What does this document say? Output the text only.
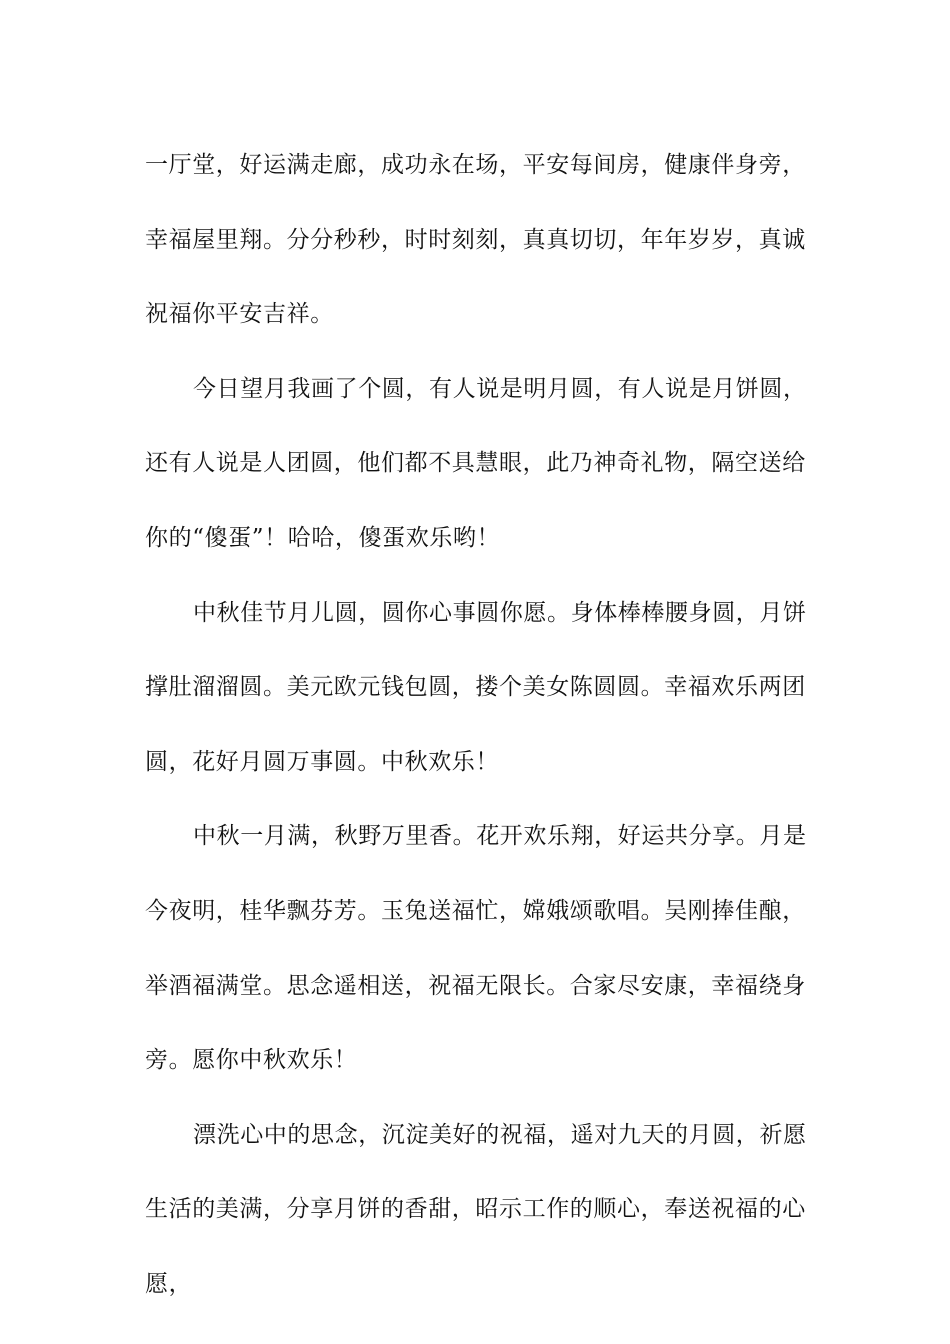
一厅堂，好运满走廊，成功永在场，平安每间房，健康伴身旁，幸福屋里翔。分分秒秒，时时刻刻，真真切切，年年岁岁，真诚祝福你平安吉祥。

今日望月我画了个圆，有人说是明月圆，有人说是月饼圆，还有人说是人团圆，他们都不具慧眼，此乃神奇礼物，隔空送给你的“傻蛋”！哈哈，傻蛋欢乐哟！

中秋佳节月儿圆，圆你心事圆你愿。身体棒棒腰身圆，月饼撑肚溜溜圆。美元欧元钱包圆，搂个美女陈圆圆。幸福欢乐两团圆，花好月圆万事圆。中秋欢乐！

中秋一月满，秋野万里香。花开欢乐翔，好运共分享。月是今夜明，桂华飘芬芳。玉兔送福忙，嫦娥颂歌唱。吴刚捧佳酿，举酒福满堂。思念遥相送，祝福无限长。合家尽安康，幸福绕身旁。愿你中秋欢乐！

漂洗心中的思念，沉淀美好的祝福，遥对九天的月圆，祈愿生活的美满，分享月饼的香甜，昭示工作的顺心，奉送祝福的心愿，
